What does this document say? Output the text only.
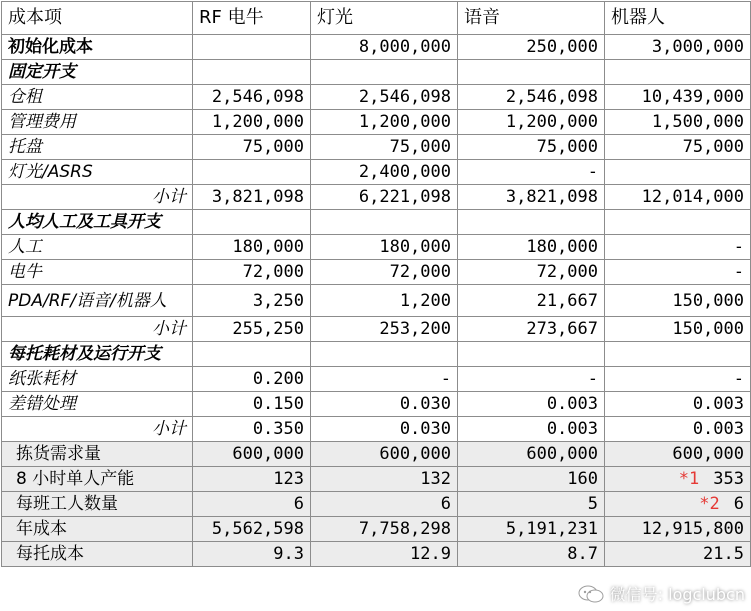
成本项	RF 电牛	灯光	语音	机器人
初始化成本		8,000,000	250,000	3,000,000
固定开支				
仓租	2,546,098	2,546,098	2,546,098	10,439,000
管理费用	1,200,000	1,200,000	1,200,000	1,500,000
托盘	75,000	75,000	75,000	75,000
灯光/ASRS		2,400,000	-	
小计	3,821,098	6,221,098	3,821,098	12,014,000
人均人工及工具开支				
人工	180,000	180,000	180,000	-
电牛	72,000	72,000	72,000	-
PDA/RF/语音/机器人	3,250	1,200	21,667	150,000
小计	255,250	253,200	273,667	150,000
每托耗材及运行开支				
纸张耗材	0.200	-	-	-
差错处理	0.150	0.030	0.003	0.003
小计	0.350	0.030	0.003	0.003
拣货需求量	600,000	600,000	600,000	600,000
8 小时单人产能	123	132	160	*1 353
每班工人数量	6	6	5	*2 6
年成本	5,562,598	7,758,298	5,191,231	12,915,800
每托成本	9.3	12.9	8.7	21.5
微信号: logclubcn
